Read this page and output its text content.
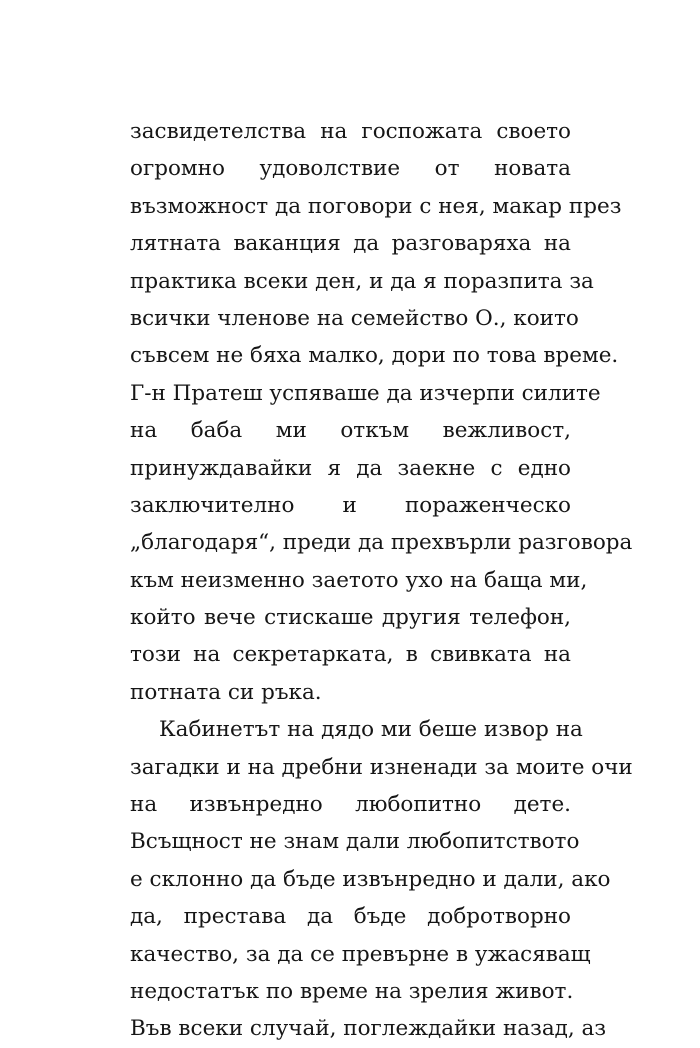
засвидетелства на госпожата своето
огромно удоволствие от новата
възможност да поговори с нея, макар през
лятната ваканция да разговаряха на
практика всеки ден, и да я поразпита за
всички членове на семейство О., които
съвсем не бяха малко, дори по това време.
Г-н Пратеш успяваше да изчерпи силите
на баба ми откъм вежливост,
принуждавайки я да заекне с едно
заключително и пораженческо
„благодаря“, преди да прехвърли разговора
към неизменно заетото ухо на баща ми,
който вече стискаше другия телефон,
този на секретарката, в свивката на
потната си ръка.
Кабинетът на дядо ми беше извор на
загадки и на дребни изненади за моите очи
на извънредно любопитно дете.
Всъщност не знам дали любопитството
е склонно да бъде извънредно и дали, ако
да, престава да бъде добротворно
качество, за да се превърне в ужасяващ
недостатък по време на зрелия живот.
Във всеки случай, поглеждайки назад, аз
